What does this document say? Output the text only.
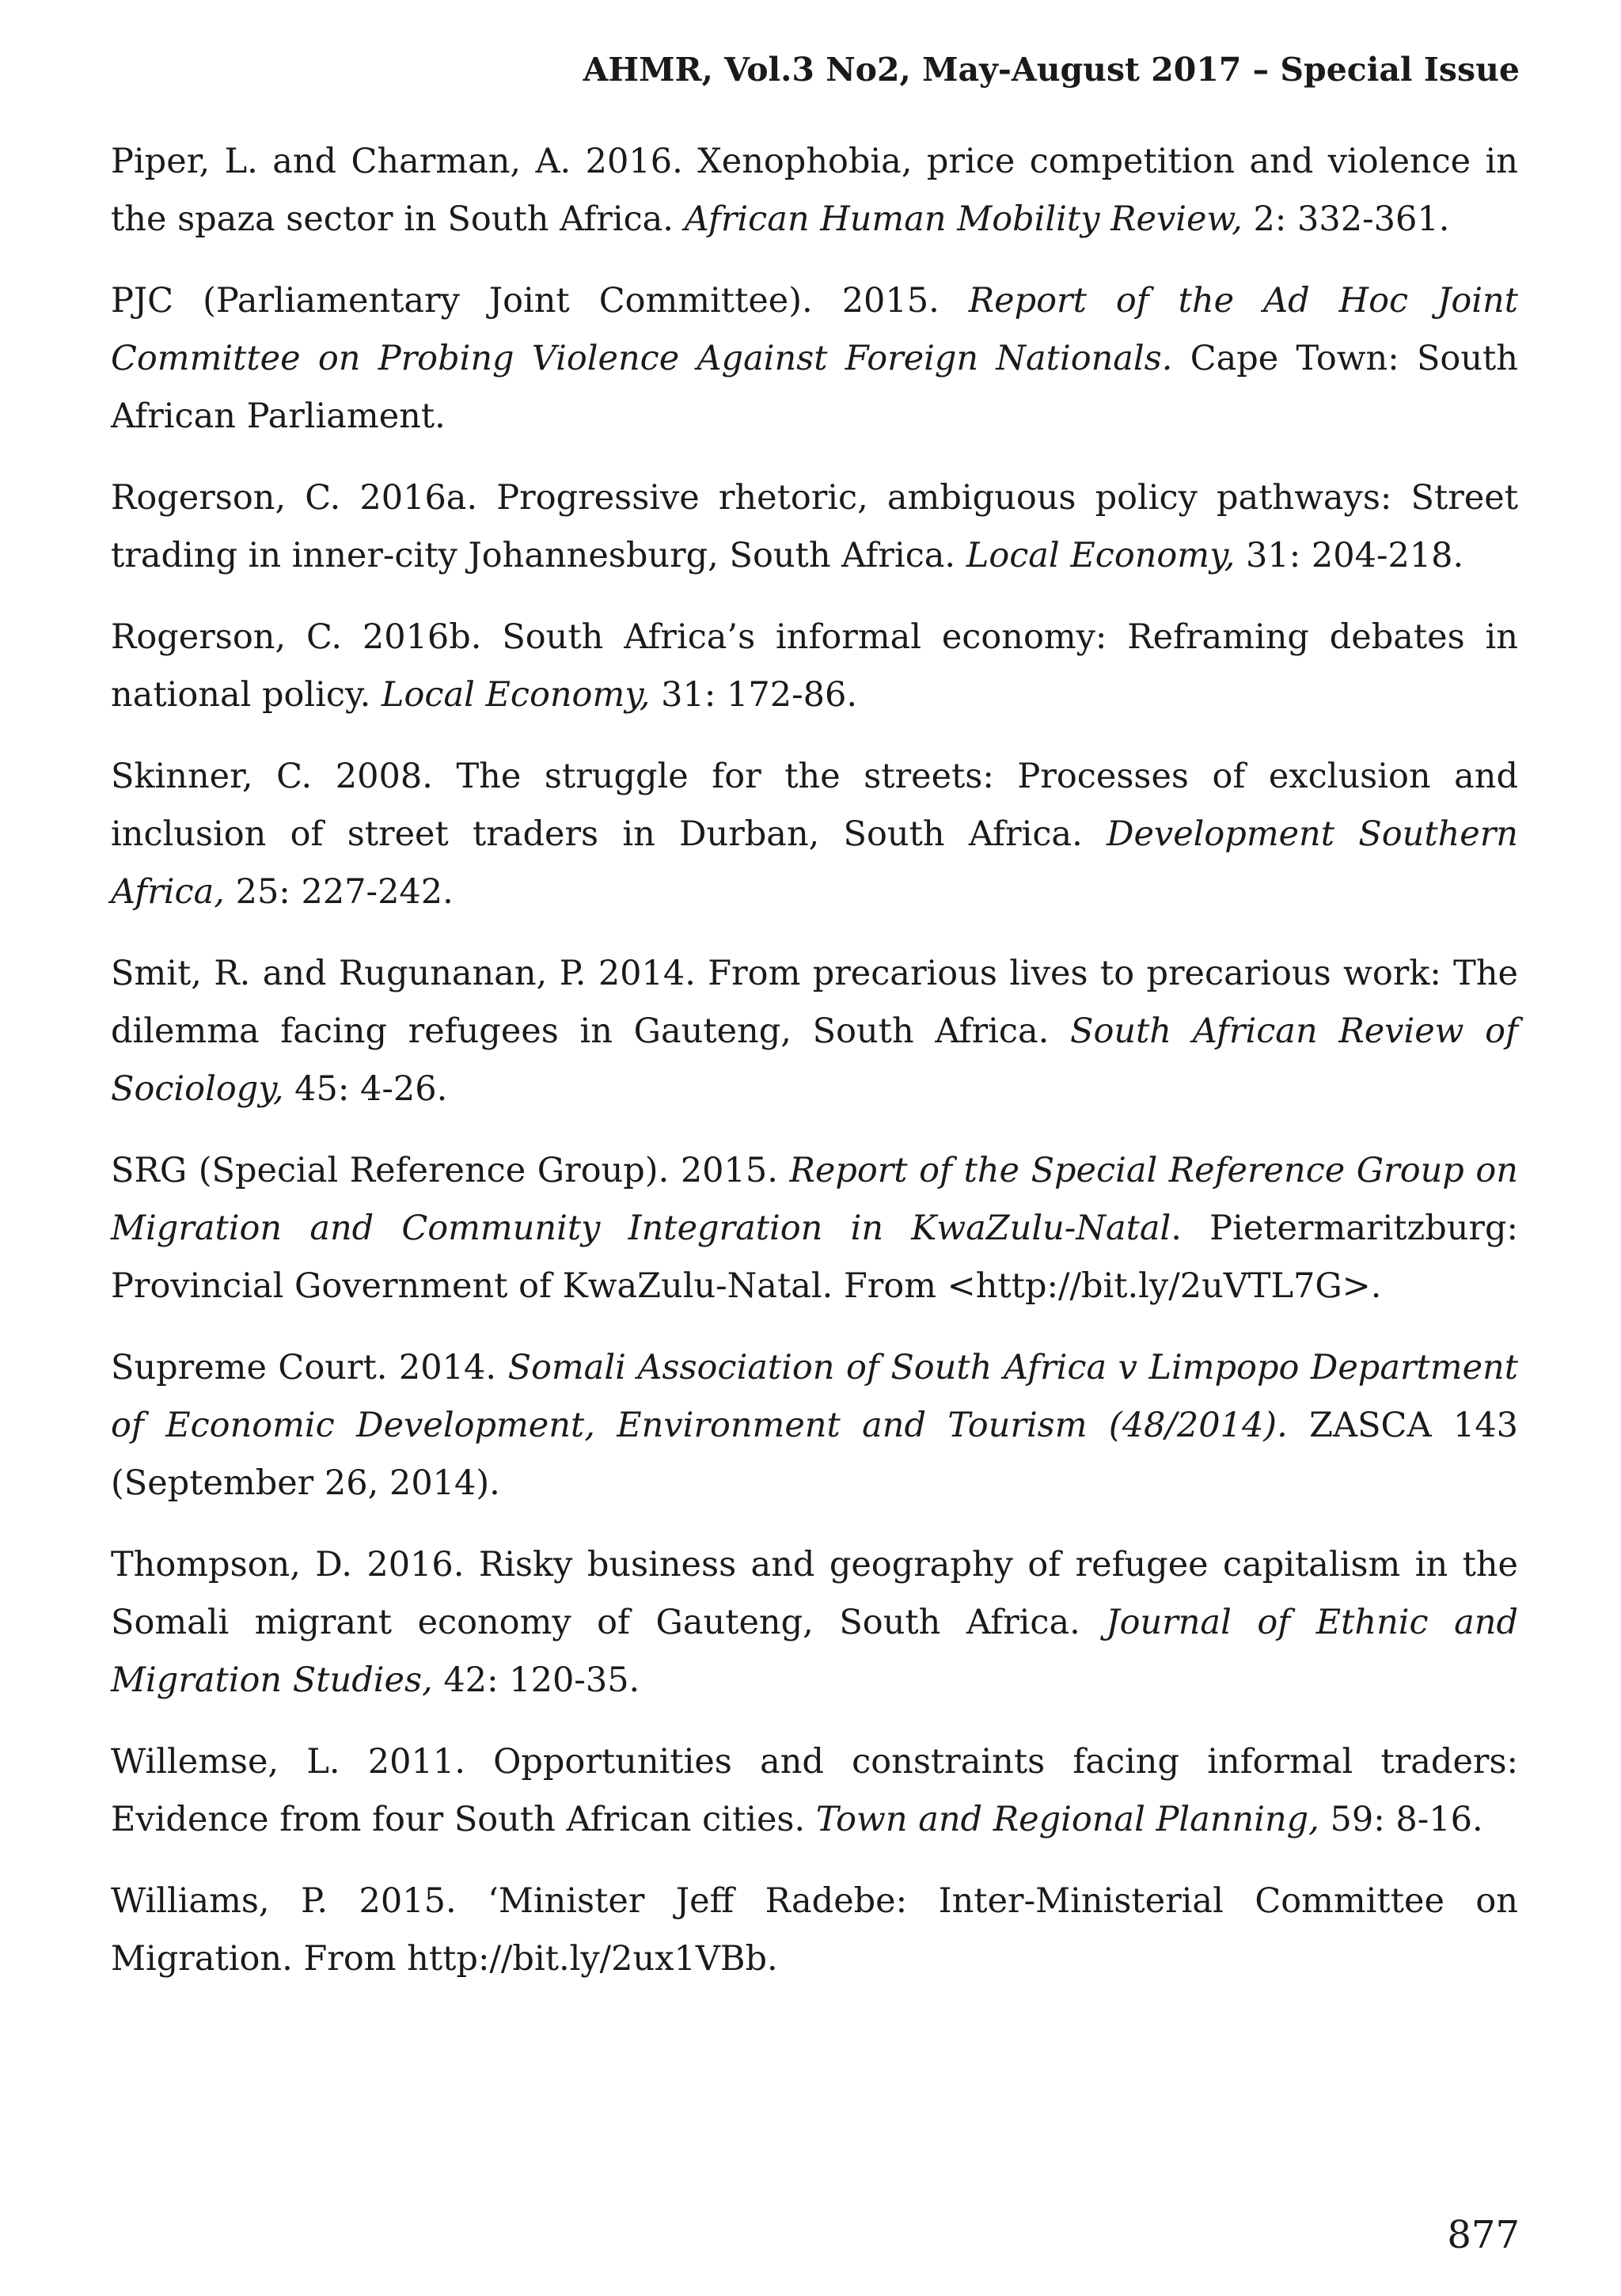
AHMR, Vol.3 No2, May-August 2017 – Special Issue

Piper, L. and Charman, A. 2016. Xenophobia, price competition and violence in the spaza sector in South Africa. African Human Mobility Review, 2: 332-361.

PJC (Parliamentary Joint Committee). 2015. Report of the Ad Hoc Joint Committee on Probing Violence Against Foreign Nationals. Cape Town: South African Parliament.

Rogerson, C. 2016a. Progressive rhetoric, ambiguous policy pathways: Street trading in inner-city Johannesburg, South Africa. Local Economy, 31: 204-218.

Rogerson, C. 2016b. South Africa’s informal economy: Reframing debates in national policy. Local Economy, 31: 172-86.

Skinner, C. 2008. The struggle for the streets: Processes of exclusion and inclusion of street traders in Durban, South Africa. Development Southern Africa, 25: 227-242.

Smit, R. and Rugunanan, P. 2014. From precarious lives to precarious work: The dilemma facing refugees in Gauteng, South Africa. South African Review of Sociology, 45: 4-26.

SRG (Special Reference Group). 2015. Report of the Special Reference Group on Migration and Community Integration in KwaZulu-Natal. Pietermaritzburg: Provincial Government of KwaZulu-Natal. From <http://bit.ly/2uVTL7G>.

Supreme Court. 2014. Somali Association of South Africa v Limpopo Department of Economic Development, Environment and Tourism (48/2014). ZASCA 143 (September 26, 2014).

Thompson, D. 2016. Risky business and geography of refugee capitalism in the Somali migrant economy of Gauteng, South Africa. Journal of Ethnic and Migration Studies, 42: 120-35.

Willemse, L. 2011. Opportunities and constraints facing informal traders: Evidence from four South African cities. Town and Regional Planning, 59: 8-16.

Williams, P. 2015. ‘Minister Jeff Radebe: Inter-Ministerial Committee on Migration. From http://bit.ly/2ux1VBb.

877
